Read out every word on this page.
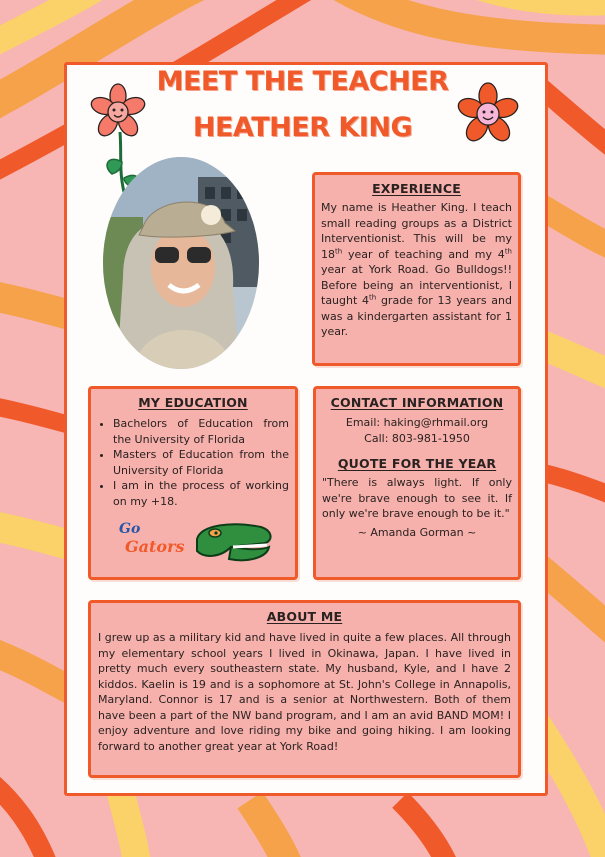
MEET THE TEACHER
HEATHER KING
EXPERIENCE
My name is Heather King. I teach small reading groups as a District Interventionist. This will be my 18th year of teaching and my 4th year at York Road. Go Bulldogs!! Before being an interventionist, I taught 4th grade for 13 years and was a kindergarten assistant for 1 year.
MY EDUCATION
• Bachelors of Education from the University of Florida
• Masters of Education from the University of Florida
• I am in the process of working on my +18.
Go
Gators
CONTACT INFORMATION
Email: haking@rhmail.org
Call: 803-981-1950
QUOTE FOR THE YEAR
"There is always light. If only we're brave enough to see it. If only we're brave enough to be it."
~ Amanda Gorman ~
ABOUT ME
I grew up as a military kid and have lived in quite a few places. All through my elementary school years I lived in Okinawa, Japan. I have lived in pretty much every southeastern state. My husband, Kyle, and I have 2 kiddos. Kaelin is 19 and is a sophomore at St. John's College in Annapolis, Maryland. Connor is 17 and is a senior at Northwestern. Both of them have been a part of the NW band program, and I am an avid BAND MOM! I enjoy adventure and love riding my bike and going hiking. I am looking forward to another great year at York Road!
